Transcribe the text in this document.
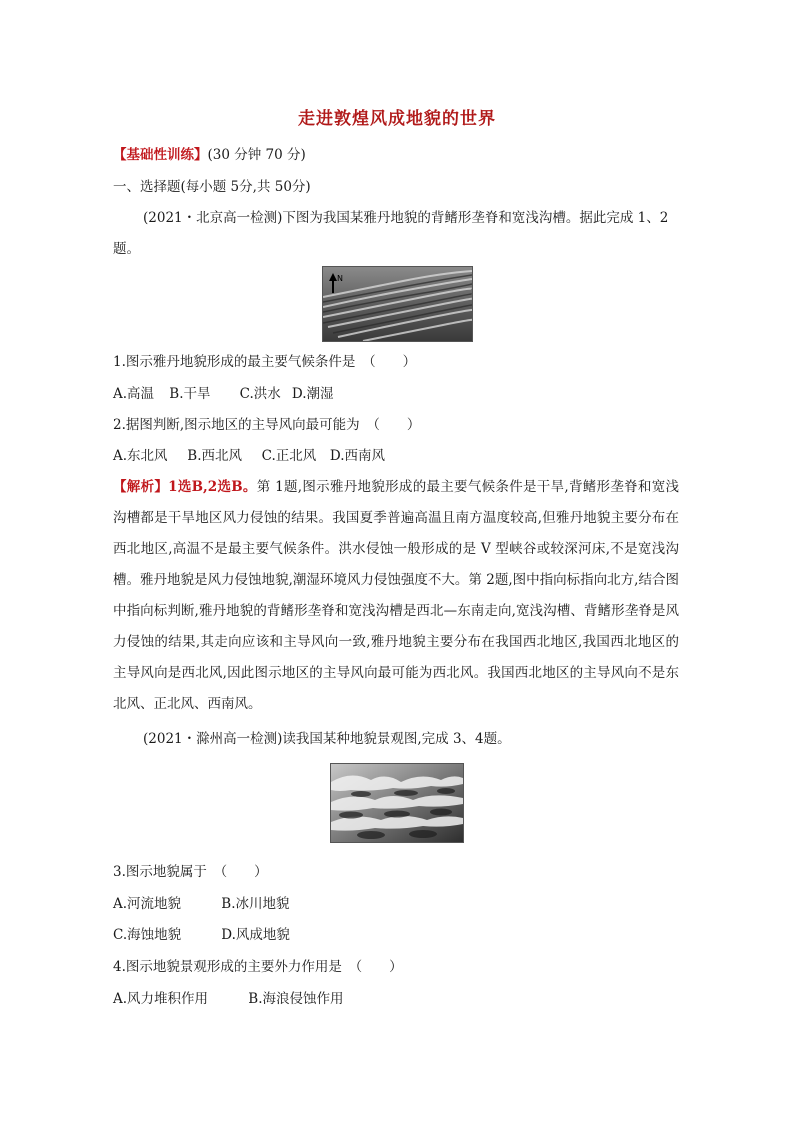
走进敦煌风成地貌的世界
【基础性训练】(30 分钟 70 分)
一、选择题(每小题 5分,共 50分)
(2021・北京高一检测)下图为我国某雅丹地貌的背鳍形垄脊和宽浅沟槽。据此完成 1、2
题。
N
1.图示雅丹地貌形成的最主要气候条件是　（　　）
A.高温 B.干旱 C.洪水 D.潮湿
2.据图判断,图示地区的主导风向最可能为　（　　）
A.东北风 B.西北风 C.正北风 D.西南风
【解析】1选B,2选B。第 1题,图示雅丹地貌形成的最主要气候条件是干旱,背鳍形垄脊和宽浅沟槽都是干旱地区风力侵蚀的结果。我国夏季普遍高温且南方温度较高,但雅丹地貌主要分布在西北地区,高温不是最主要气候条件。洪水侵蚀一般形成的是 V 型峡谷或较深河床,不是宽浅沟槽。雅丹地貌是风力侵蚀地貌,潮湿环境风力侵蚀强度不大。第 2题,图中指向标指向北方,结合图中指向标判断,雅丹地貌的背鳍形垄脊和宽浅沟槽是西北—东南走向,宽浅沟槽、背鳍形垄脊是风力侵蚀的结果,其走向应该和主导风向一致,雅丹地貌主要分布在我国西北地区,我国西北地区的主导风向是西北风,因此图示地区的主导风向最可能为西北风。我国西北地区的主导风向不是东北风、正北风、西南风。
(2021・滁州高一检测)读我国某种地貌景观图,完成 3、4题。
3.图示地貌属于　（　　）
A.河流地貌	B.冰川地貌
C.海蚀地貌	D.风成地貌
4.图示地貌景观形成的主要外力作用是　（　　）
A.风力堆积作用	B.海浪侵蚀作用
